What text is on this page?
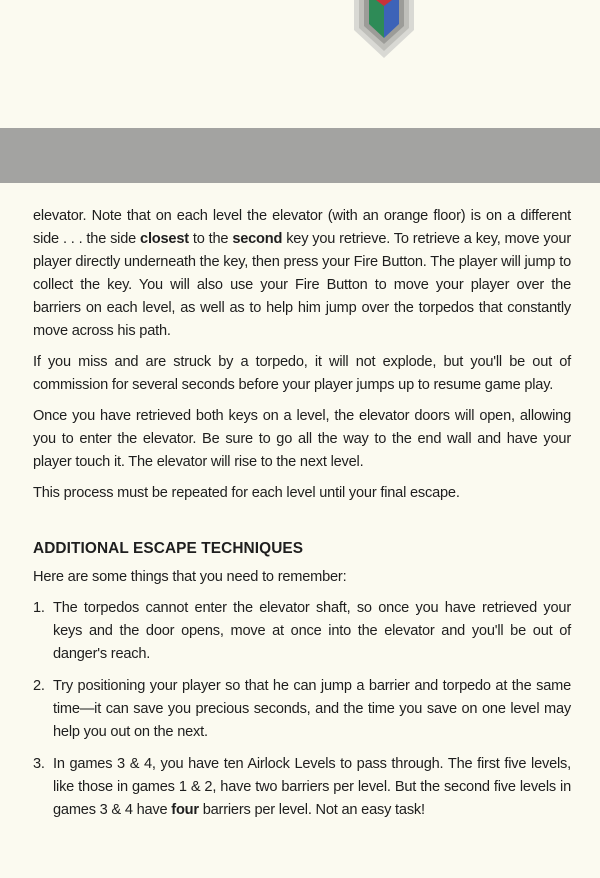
elevator. Note that on each level the elevator (with an orange floor) is on a different side . . . the side closest to the second key you retrieve. To retrieve a key, move your player directly underneath the key, then press your Fire Button. The player will jump to collect the key. You will also use your Fire Button to move your player over the barriers on each level, as well as to help him jump over the torpedos that constantly move across his path.

If you miss and are struck by a torpedo, it will not explode, but you'll be out of commission for several seconds before your player jumps up to resume game play.

Once you have retrieved both keys on a level, the elevator doors will open, allowing you to enter the elevator. Be sure to go all the way to the end wall and have your player touch it. The elevator will rise to the next level.

This process must be repeated for each level until your final escape.

ADDITIONAL ESCAPE TECHNIQUES
Here are some things that you need to remember:
1. The torpedos cannot enter the elevator shaft, so once you have retrieved your keys and the door opens, move at once into the elevator and you'll be out of danger's reach.
2. Try positioning your player so that he can jump a barrier and torpedo at the same time—it can save you precious seconds, and the time you save on one level may help you out on the next.
3. In games 3 & 4, you have ten Airlock Levels to pass through. The first five levels, like those in games 1 & 2, have two barriers per level. But the second five levels in games 3 & 4 have four barriers per level. Not an easy task!
